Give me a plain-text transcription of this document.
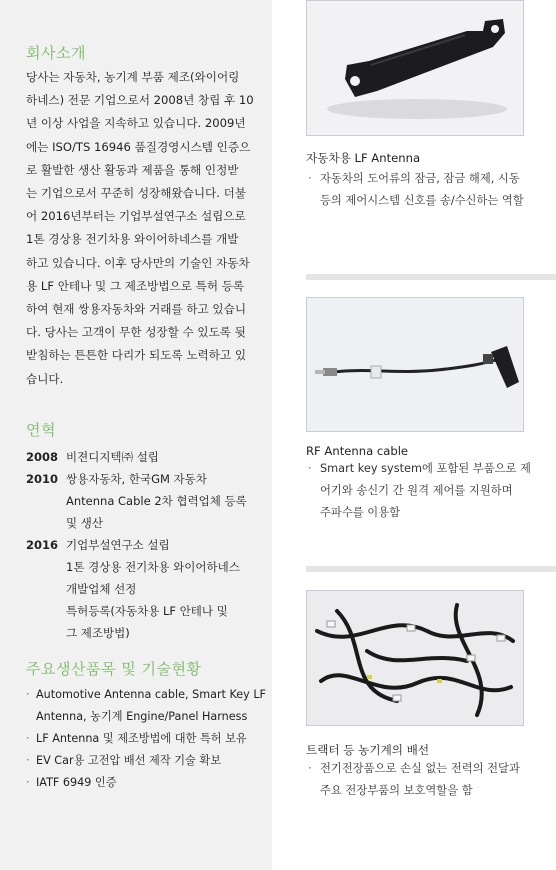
회사소개
당사는 자동차, 농기계 부품 제조(와이어링
하네스) 전문 기업으로서 2008년 창립 후 10
년 이상 사업을 지속하고 있습니다. 2009년
에는 ISO/TS 16946 품질경영시스템 인증으
로 활발한 생산 활동과 제품을 통해 인정받
는 기업으로서 꾸준히 성장해왔습니다. 더불
어 2016년부터는 기업부설연구소 설립으로
1톤 경상용 전기차용 와이어하네스를 개발
하고 있습니다. 이후 당사만의 기술인 자동차
용 LF 안테나 및 그 제조방법으로 특허 등록
하여 현재 쌍용자동차와 거래를 하고 있습니
다. 당사는 고객이 무한 성장할 수 있도록 뒷
받침하는 튼튼한 다리가 되도록 노력하고 있
습니다.
연혁
2008 비젼디지텍㈜ 설립
2010 쌍용자동차, 한국GM 자동차
Antenna Cable 2차 협력업체 등록
및 생산
2016 기업부설연구소 설립
1톤 경상용 전기차용 와이어하네스
개발업체 선정
특허등록(자동차용 LF 안테나 및
그 제조방법)
주요생산품목 및 기술현황
· Automotive Antenna cable, Smart Key LF
Antenna, 농기계 Engine/Panel Harness
· LF Antenna 및 제조방법에 대한 특허 보유
· EV Car용 고전압 배선 제작 기술 확보
· IATF 6949 인증
자동차용 LF Antenna
· 자동차의 도어류의 잠금, 잠금 해제, 시동
등의 제어시스템 신호를 송/수신하는 역할
RF Antenna cable
· Smart key system에 포함된 부품으로 제
어기와 송신기 간 원격 제어를 지원하며
주파수를 이용함
트랙터 등 농기계의 배선
· 전기전장품으로 손실 없는 전력의 전달과
주요 전장부품의 보호역할을 함
